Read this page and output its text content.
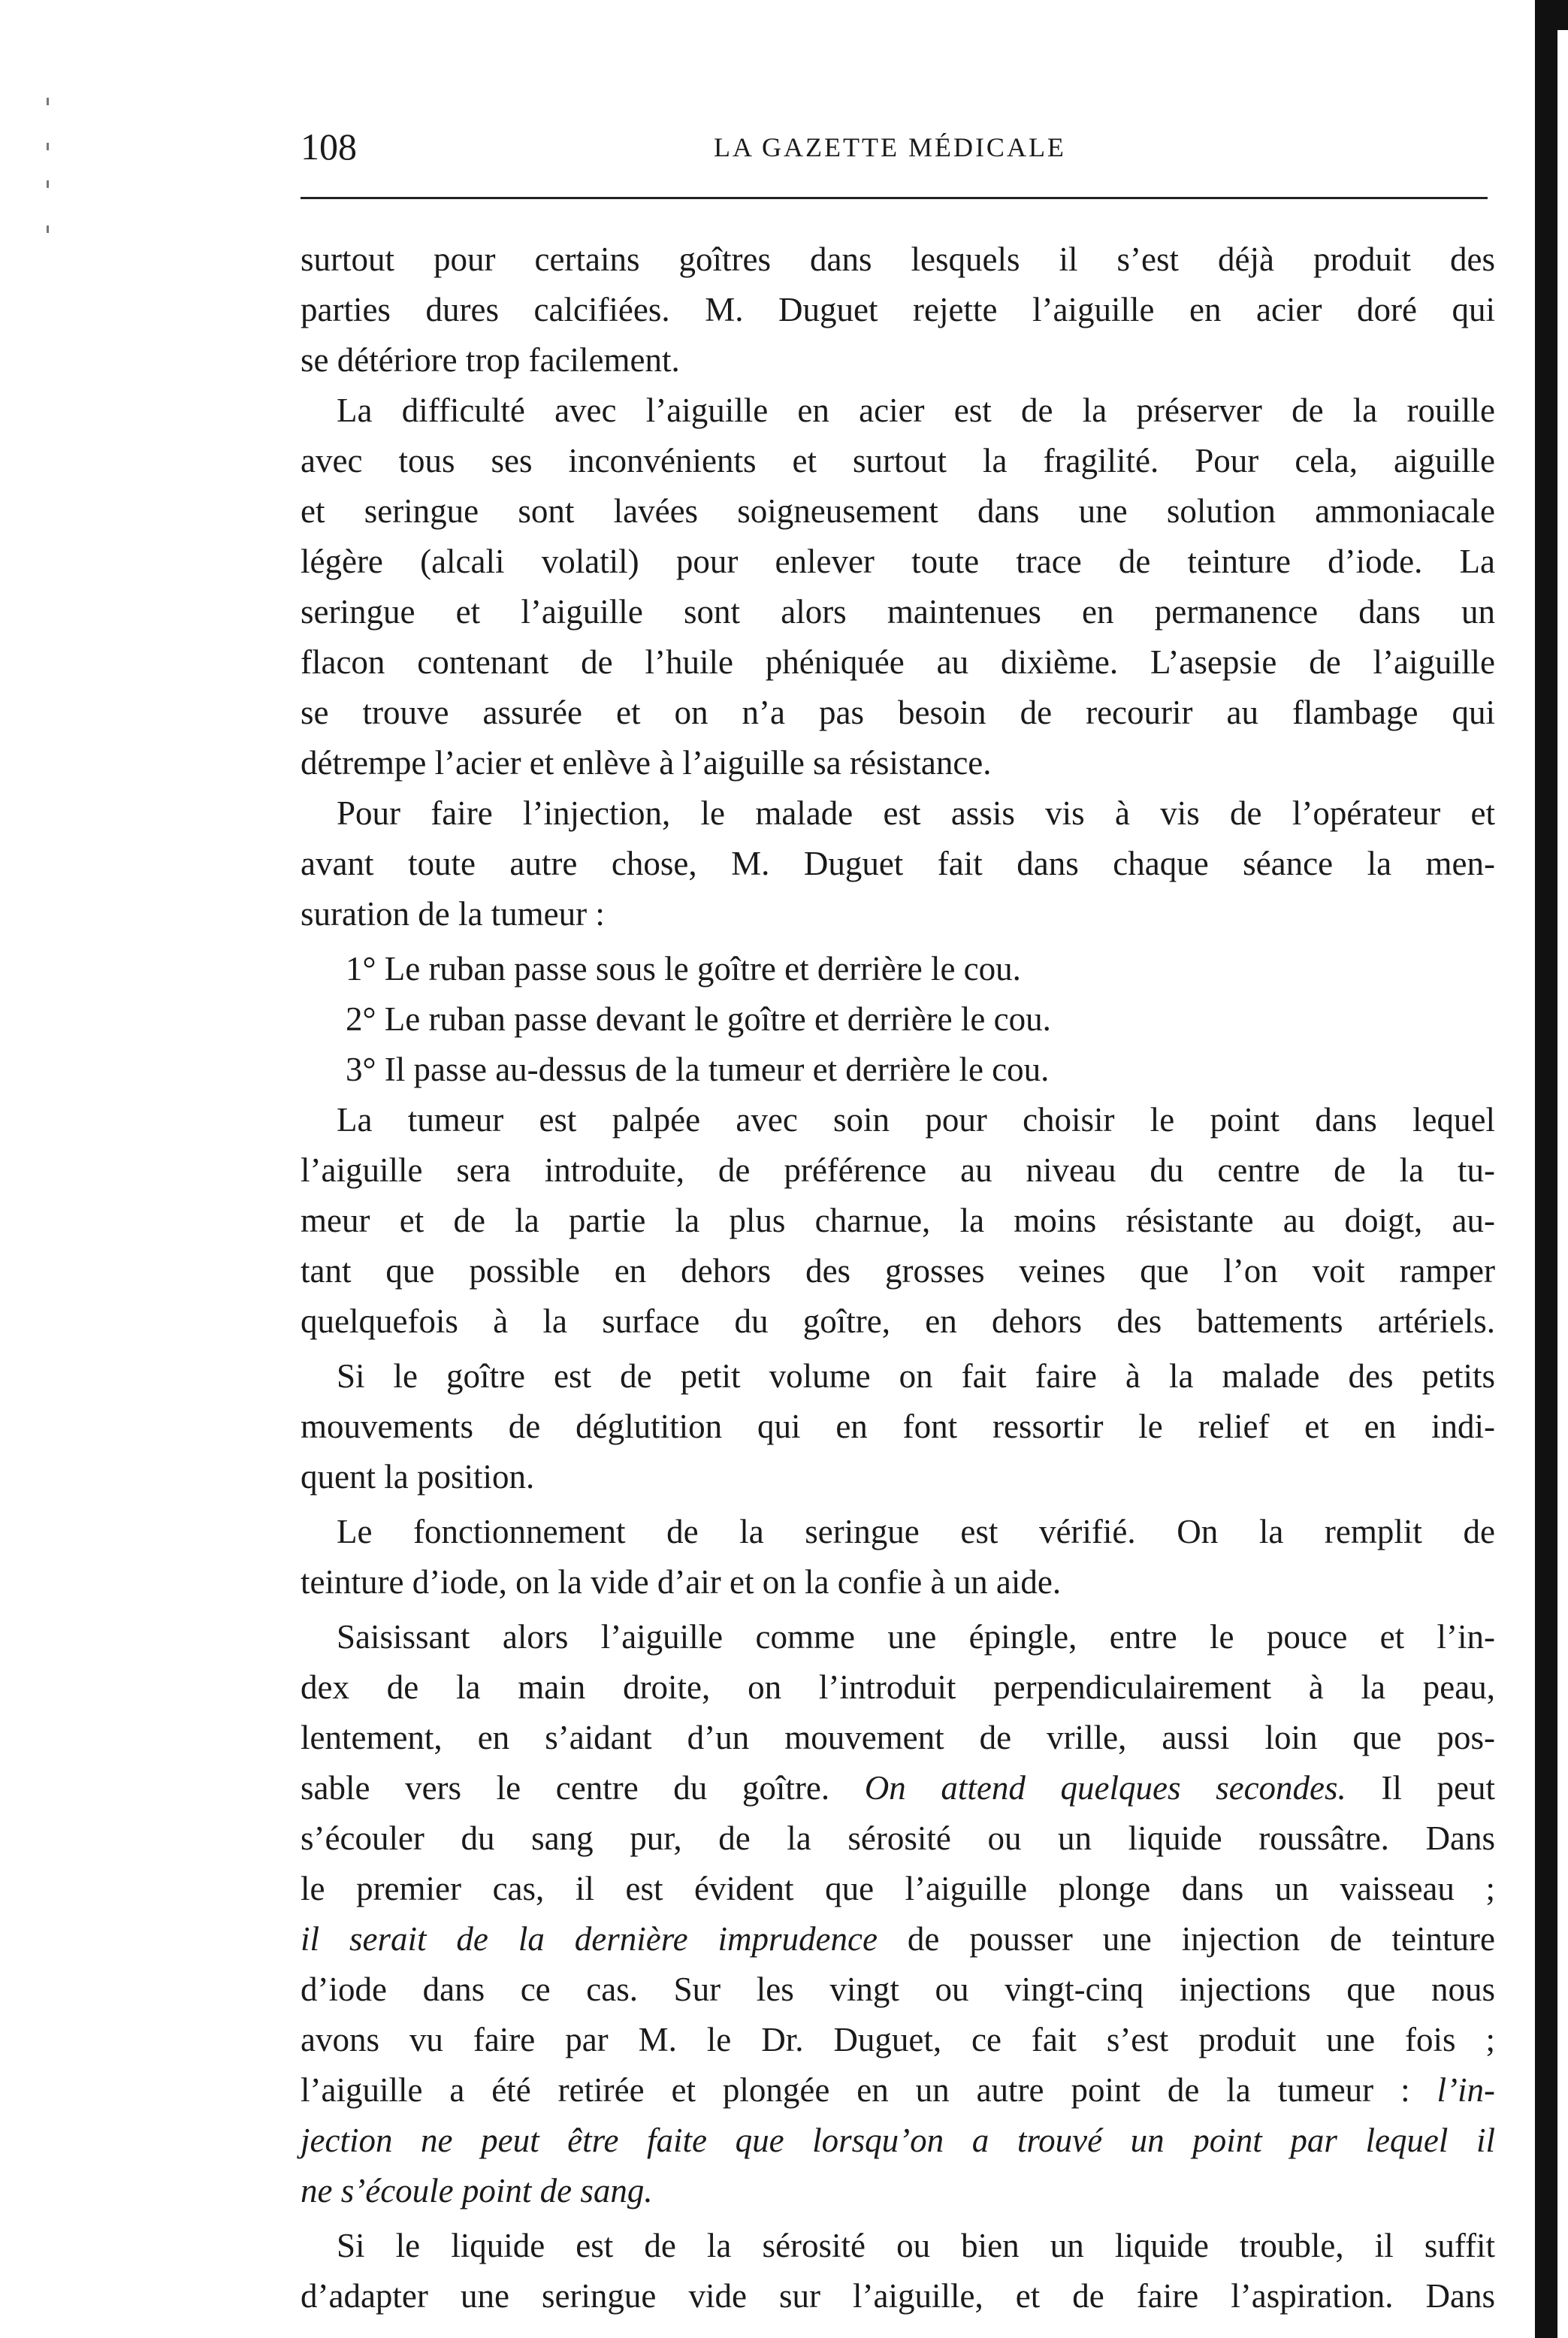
108	LA GAZETTE MÉDICALE
surtout pour certains goîtres dans lesquels il s’est déjà produit des
parties dures calcifiées. M. Duguet rejette l’aiguille en acier doré qui
se détériore trop facilement.
La difficulté avec l’aiguille en acier est de la préserver de la rouille
avec tous ses inconvénients et surtout la fragilité. Pour cela, aiguille
et seringue sont lavées soigneusement dans une solution ammoniacale
légère (alcali volatil) pour enlever toute trace de teinture d’iode. La
seringue et l’aiguille sont alors maintenues en permanence dans un
flacon contenant de l’huile phéniquée au dixième. L’asepsie de l’aiguille
se trouve assurée et on n’a pas besoin de recourir au flambage qui
détrempe l’acier et enlève à l’aiguille sa résistance.
Pour faire l’injection, le malade est assis vis à vis de l’opérateur et
avant toute autre chose, M. Duguet fait dans chaque séance la men-
suration de la tumeur :
1° Le ruban passe sous le goître et derrière le cou.
2° Le ruban passe devant le goître et derrière le cou.
3° Il passe au-dessus de la tumeur et derrière le cou.
La tumeur est palpée avec soin pour choisir le point dans lequel
l’aiguille sera introduite, de préférence au niveau du centre de la tu-
meur et de la partie la plus charnue, la moins résistante au doigt, au-
tant que possible en dehors des grosses veines que l’on voit ramper
quelquefois à la surface du goître, en dehors des battements artériels.
Si le goître est de petit volume on fait faire à la malade des petits
mouvements de déglutition qui en font ressortir le relief et en indi-
quent la position.
Le fonctionnement de la seringue est vérifié. On la remplit de
teinture d’iode, on la vide d’air et on la confie à un aide.
Saisissant alors l’aiguille comme une épingle, entre le pouce et l’in-
dex de la main droite, on l’introduit perpendiculairement à la peau,
lentement, en s’aidant d’un mouvement de vrille, aussi loin que pos-
sable vers le centre du goître. On attend quelques secondes. Il peut
s’écouler du sang pur, de la sérosité ou un liquide roussâtre. Dans
le premier cas, il est évident que l’aiguille plonge dans un vaisseau ;
il serait de la dernière imprudence de pousser une injection de teinture
d’iode dans ce cas. Sur les vingt ou vingt-cinq injections que nous
avons vu faire par M. le Dr. Duguet, ce fait s’est produit une fois ;
l’aiguille a été retirée et plongée en un autre point de la tumeur : l’in-
jection ne peut être faite que lorsqu’on a trouvé un point par lequel il
ne s’écoule point de sang.
Si le liquide est de la sérosité ou bien un liquide trouble, il suffit
d’adapter une seringue vide sur l’aiguille, et de faire l’aspiration. Dans
